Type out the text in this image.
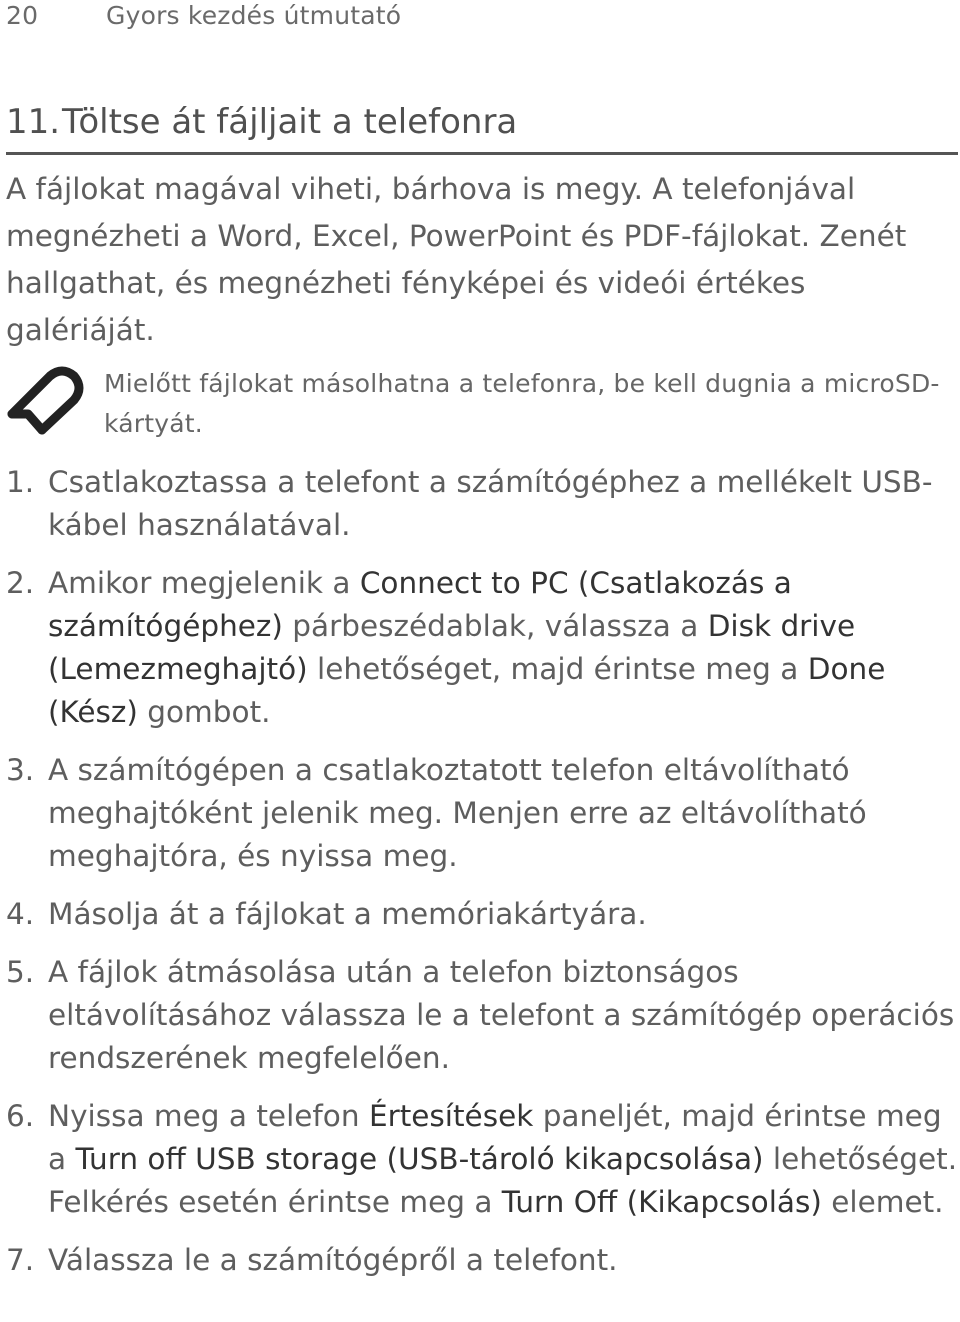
20	Gyors kezdés útmutató
11.Töltse át fájljait a telefonra

A fájlokat magával viheti, bárhova is megy. A telefonjával megnézheti a Word, Excel, PowerPoint és PDF-fájlokat. Zenét hallgathat, és megnézheti fényképei és videói értékes galériáját.

Mielőtt fájlokat másolhatna a telefonra, be kell dugnia a microSD-kártyát.
1. Csatlakoztassa a telefont a számítógéphez a mellékelt USB-kábel használatával.
2. Amikor megjelenik a Connect to PC (Csatlakozás a számítógéphez) párbeszédablak, válassza a Disk drive (Lemezmeghajtó) lehetőséget, majd érintse meg a Done (Kész) gombot.
3. A számítógépen a csatlakoztatott telefon eltávolítható meghajtóként jelenik meg. Menjen erre az eltávolítható meghajtóra, és nyissa meg.
4. Másolja át a fájlokat a memóriakártyára.
5. A fájlok átmásolása után a telefon biztonságos eltávolításához válassza le a telefont a számítógép operációs rendszerének megfelelően.
6. Nyissa meg a telefon Értesítések paneljét, majd érintse meg a Turn off USB storage (USB-tároló kikapcsolása) lehetőséget. Felkérés esetén érintse meg a Turn Off (Kikapcsolás) elemet.
7. Válassza le a számítógépről a telefont.
